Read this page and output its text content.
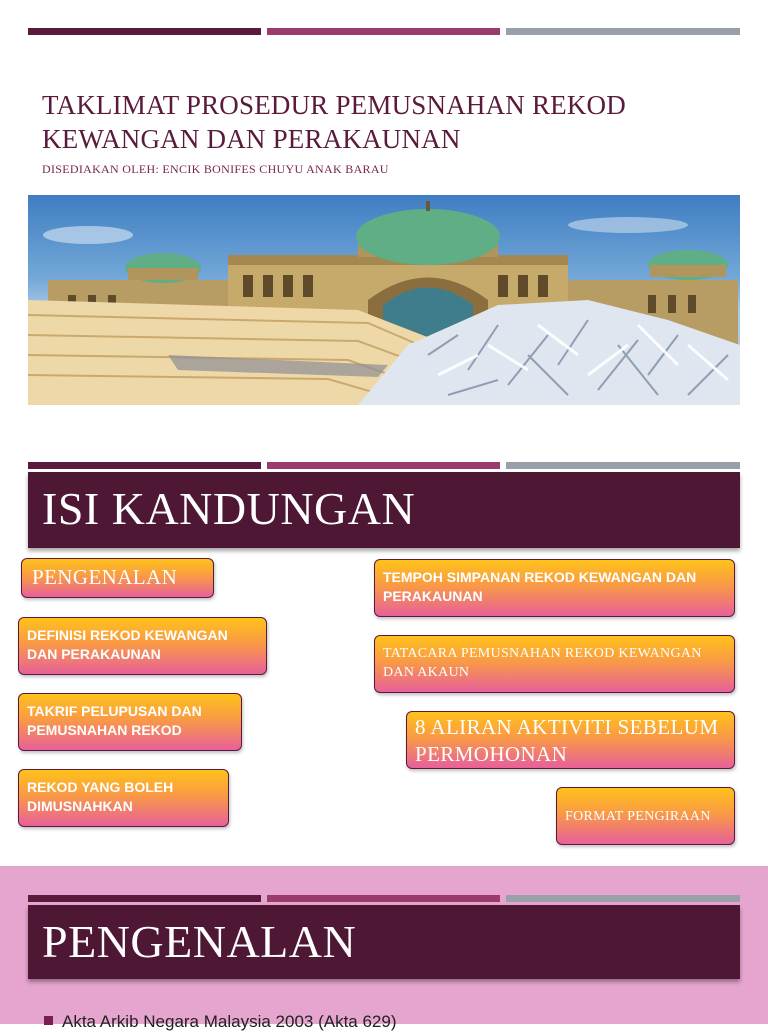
TAKLIMAT PROSEDUR PEMUSNAHAN REKOD
KEWANGAN DAN PERAKAUNAN
DISEDIAKAN OLEH: ENCIK BONIFES CHUYU ANAK BARAU
ISI KANDUNGAN
PENGENALAN
DEFINISI REKOD KEWANGAN DAN PERAKAUNAN
TAKRIF PELUPUSAN DAN PEMUSNAHAN REKOD
REKOD YANG BOLEH DIMUSNAHKAN
TEMPOH SIMPANAN REKOD KEWANGAN DAN PERAKAUNAN
TATACARA PEMUSNAHAN REKOD KEWANGAN DAN AKAUN
8 ALIRAN AKTIVITI SEBELUM PERMOHONAN
FORMAT PENGIRAAN
PENGENALAN
Akta Arkib Negara Malaysia 2003 (Akta 629)
